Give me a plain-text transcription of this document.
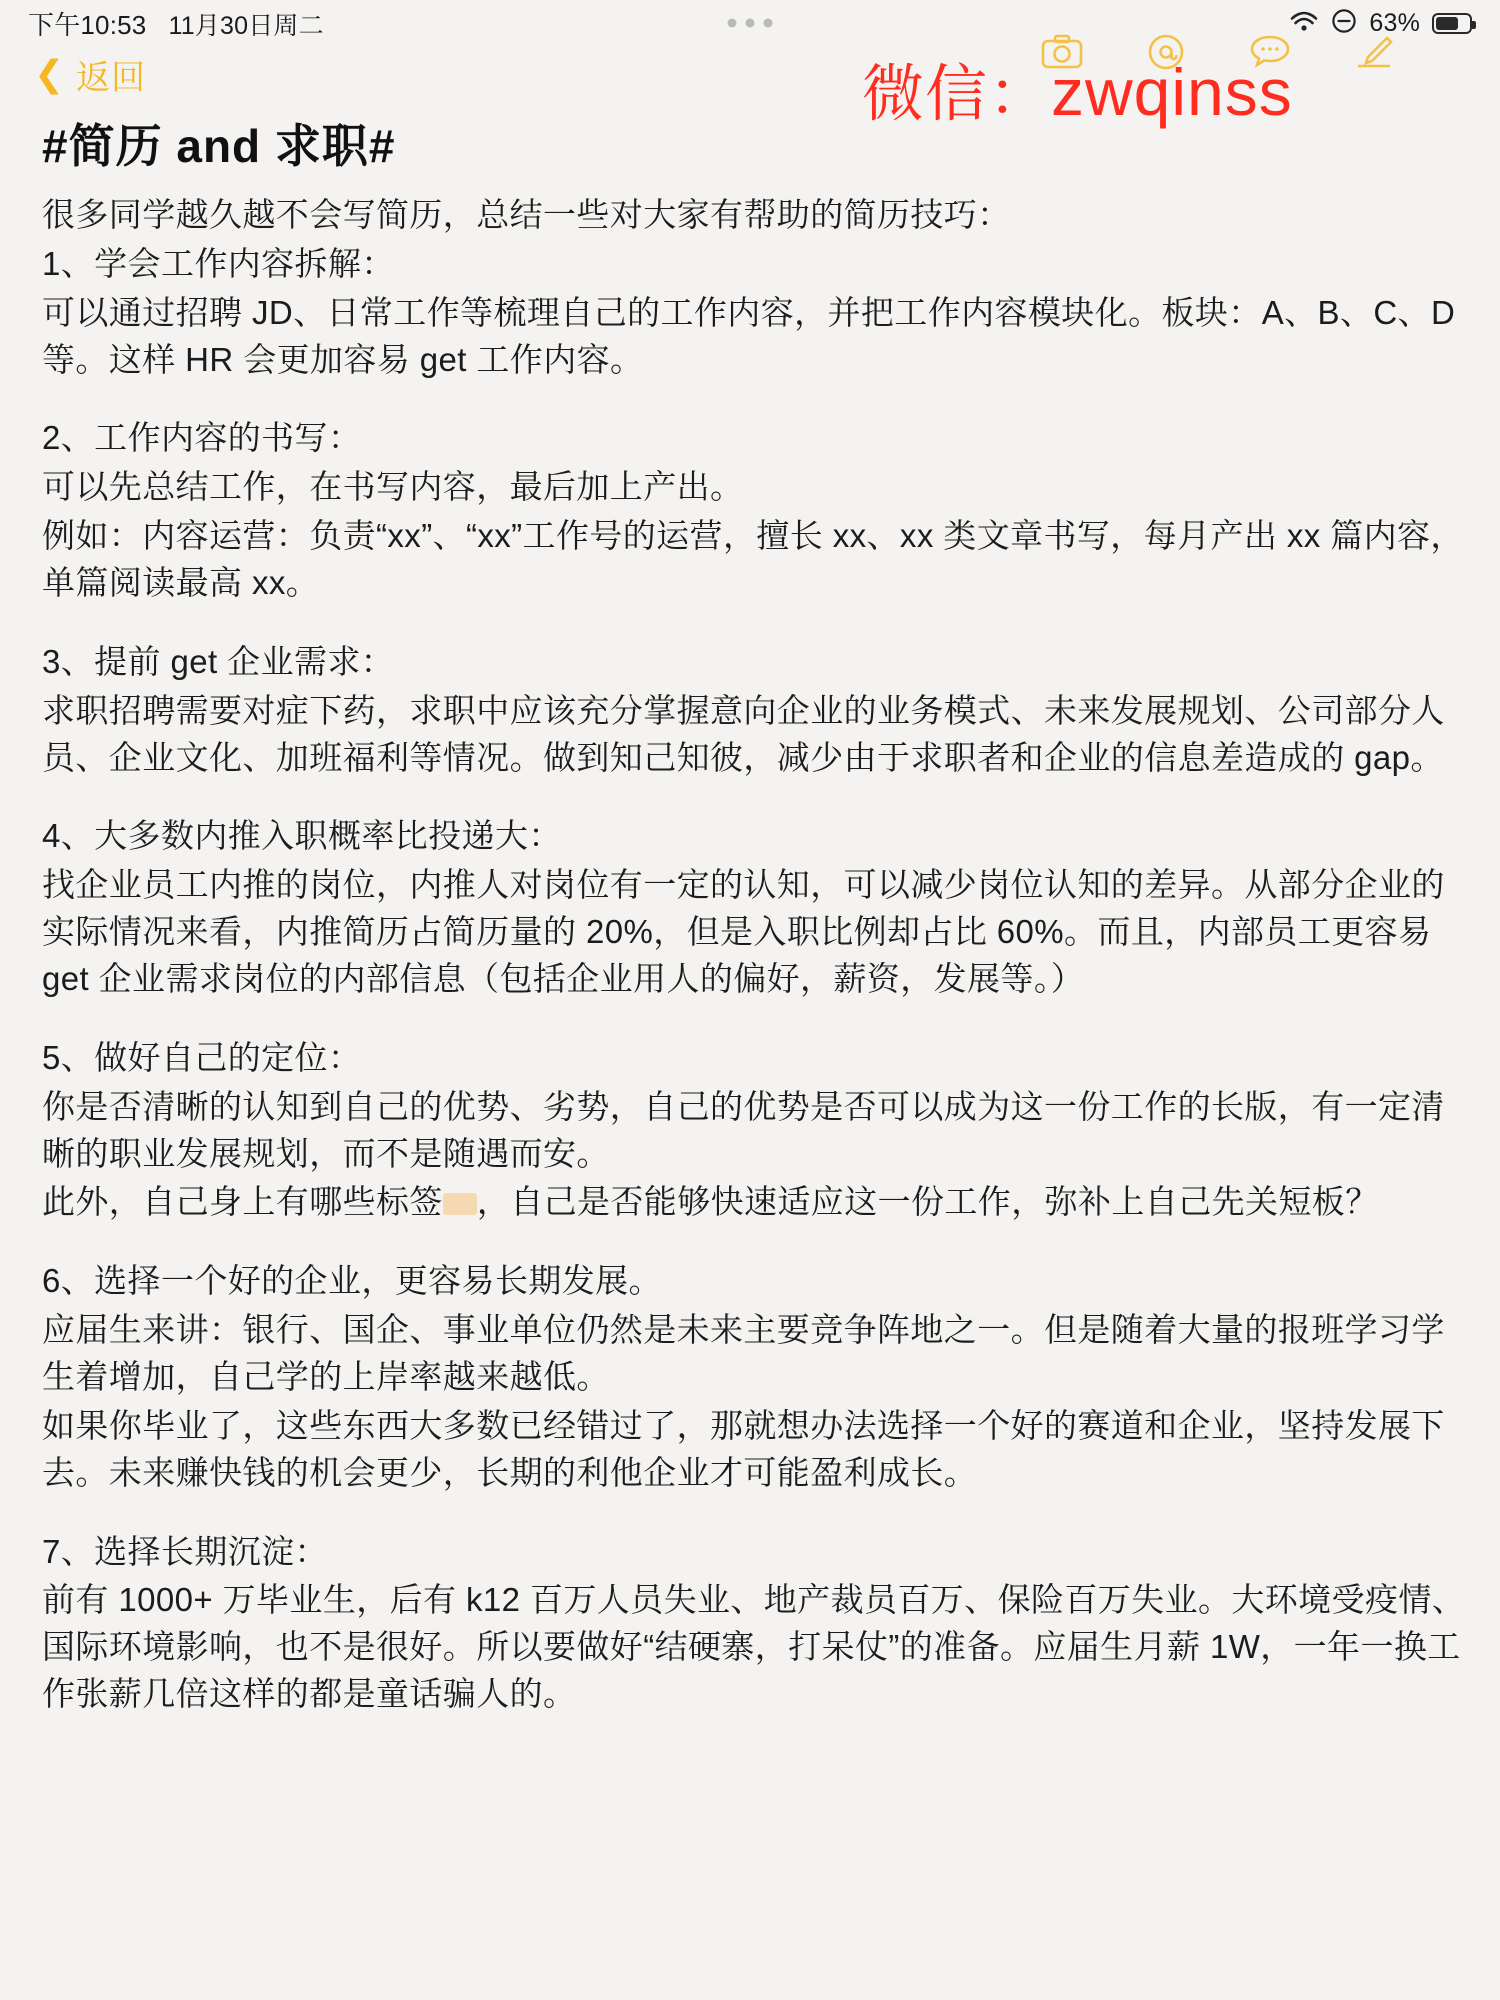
下午10:53 11月30日周二	63%
❮ 返回	微信：zwqinss
#简历 and 求职#

很多同学越久越不会写简历，总结一些对大家有帮助的简历技巧：

1、学会工作内容拆解：

可以通过招聘 JD、日常工作等梳理自己的工作内容，并把工作内容模块化。板块：A、B、C、D 等。这样 HR 会更加容易 get 工作内容。

2、工作内容的书写：

可以先总结工作，在书写内容，最后加上产出。

例如：内容运营：负责“xx”、“xx”工作号的运营，擅长 xx、xx 类文章书写，每月产出 xx 篇内容，单篇阅读最高 xx。

3、提前 get 企业需求：

求职招聘需要对症下药，求职中应该充分掌握意向企业的业务模式、未来发展规划、公司部分人员、企业文化、加班福利等情况。做到知己知彼，减少由于求职者和企业的信息差造成的 gap。

4、大多数内推入职概率比投递大：

找企业员工内推的岗位，内推人对岗位有一定的认知，可以减少岗位认知的差异。从部分企业的实际情况来看，内推简历占简历量的 20%，但是入职比例却占比 60%。而且，内部员工更容易 get 企业需求岗位的内部信息（包括企业用人的偏好，薪资，发展等。）

5、做好自己的定位：

你是否清晰的认知到自己的优势、劣势，自己的优势是否可以成为这一份工作的长版，有一定清晰的职业发展规划，而不是随遇而安。

此外，自己身上有哪些标签 ，自己是否能够快速适应这一份工作，弥补上自己先关短板？

6、选择一个好的企业，更容易长期发展。

应届生来讲：银行、国企、事业单位仍然是未来主要竞争阵地之一。但是随着大量的报班学习学生着增加，自己学的上岸率越来越低。

如果你毕业了，这些东西大多数已经错过了，那就想办法选择一个好的赛道和企业，坚持发展下去。未来赚快钱的机会更少，长期的利他企业才可能盈利成长。

7、选择长期沉淀：

前有 1000+ 万毕业生，后有 k12 百万人员失业、地产裁员百万、保险百万失业。大环境受疫情、国际环境影响，也不是很好。所以要做好“结硬寨，打呆仗”的准备。应届生月薪 1W，一年一换工作张薪几倍这样的都是童话骗人的。
